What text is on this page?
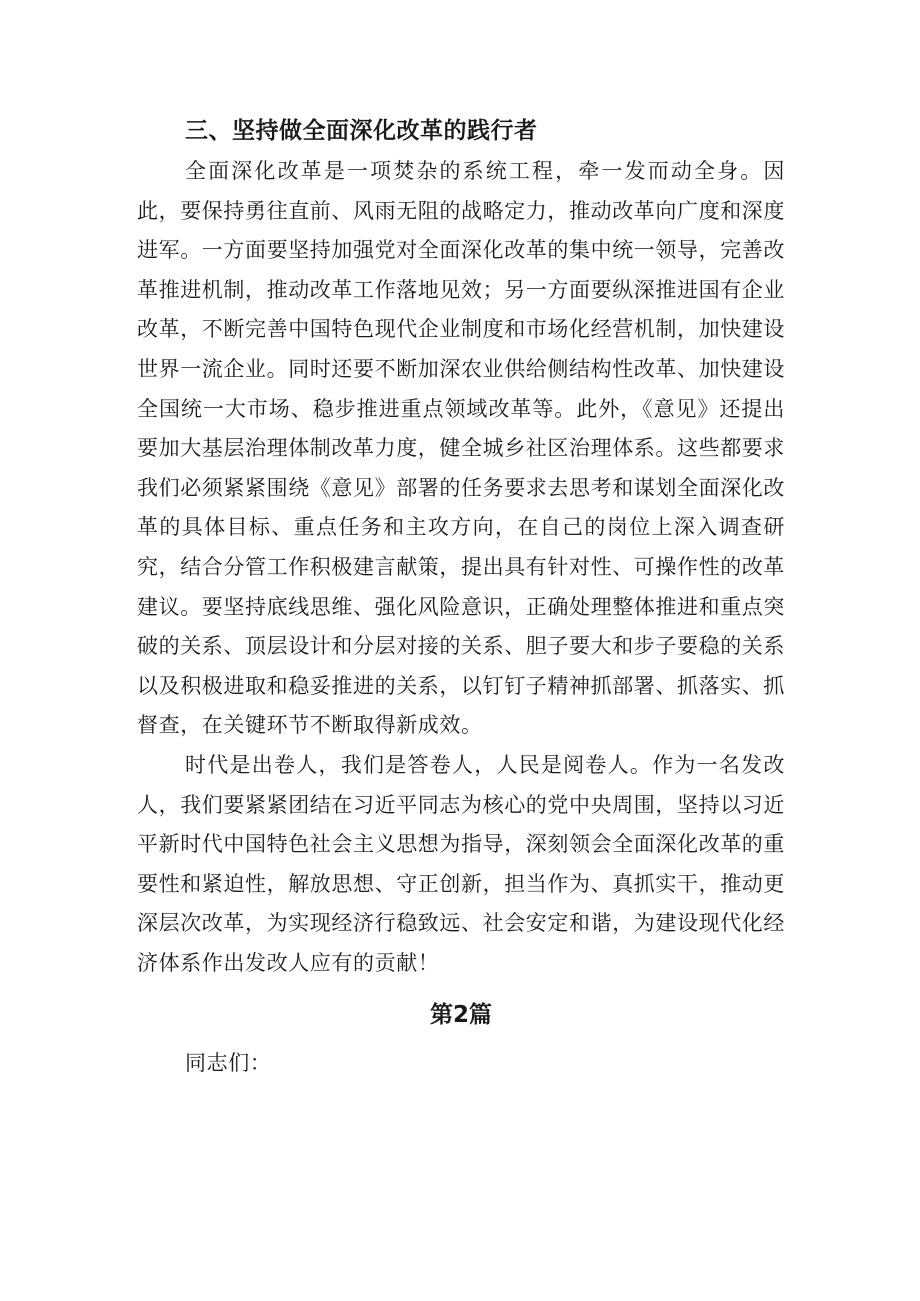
三、坚持做全面深化改革的践行者

全面深化改革是一项焚杂的系统工程，牵一发而动全身。因此，要保持勇往直前、风雨无阻的战略定力，推动改革向广度和深度进军。一方面要坚持加强党对全面深化改革的集中统一领导，完善改革推进机制，推动改革工作落地见效；另一方面要纵深推进国有企业改革，不断完善中国特色现代企业制度和市场化经营机制，加快建设世界一流企业。同时还要不断加深农业供给侧结构性改革、加快建设全国统一大市场、稳步推进重点领域改革等。此外，《意见》还提出要加大基层治理体制改革力度，健全城乡社区治理体系。这些都要求我们必须紧紧围绕《意见》部署的任务要求去思考和谋划全面深化改革的具体目标、重点任务和主攻方向，在自己的岗位上深入调查研究，结合分管工作积极建言献策，提出具有针对性、可操作性的改革建议。要坚持底线思维、强化风险意识，正确处理整体推进和重点突破的关系、顶层设计和分层对接的关系、胆子要大和步子要稳的关系以及积极进取和稳妥推进的关系，以钉钉子精神抓部署、抓落实、抓督查，在关键环节不断取得新成效。

时代是出卷人，我们是答卷人，人民是阅卷人。作为一名发改人，我们要紧紧团结在习近平同志为核心的党中央周围，坚持以习近平新时代中国特色社会主义思想为指导，深刻领会全面深化改革的重要性和紧迫性，解放思想、守正创新，担当作为、真抓实干，推动更深层次改革，为实现经济行稳致远、社会安定和谐，为建设现代化经济体系作出发改人应有的贡献！

第2篇

同志们：
